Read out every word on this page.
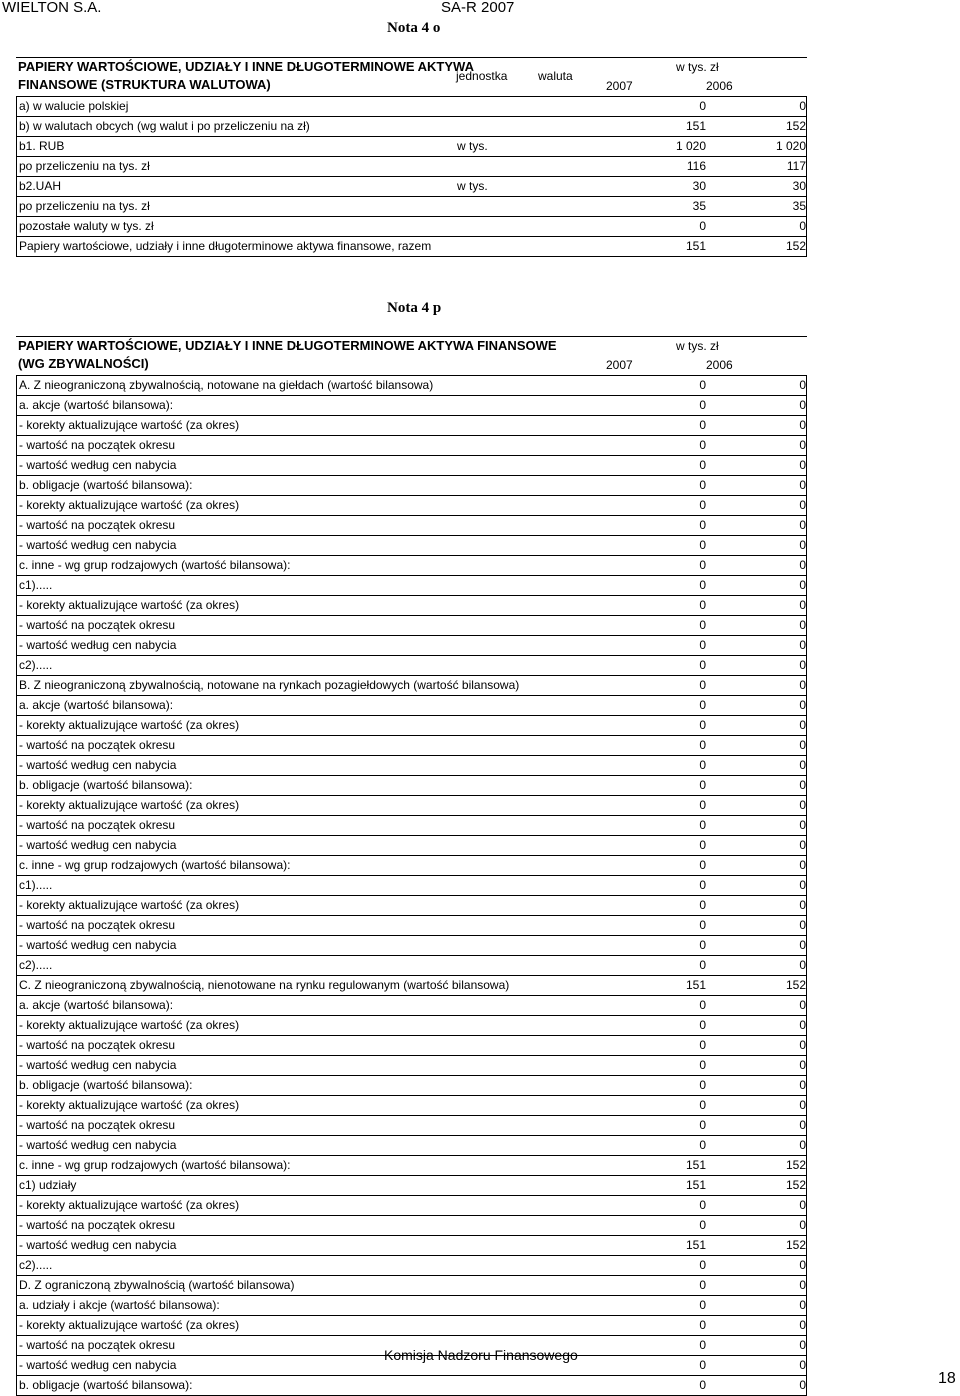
WIELTON S.A.	SA-R 2007
Nota 4 o
PAPIERY WARTOŚCIOWE, UDZIAŁY I INNE DŁUGOTERMINOWE AKTYWA
FINANSOWE (STRUKTURA WALUTOWA)
jednostka	waluta
w tys. zł
2007	2006
a) w walucie polskiej	0	0
b) w walutach obcych (wg walut i po przeliczeniu na zł)	151	152
b1. RUB	w tys.	1 020	1 020
po przeliczeniu na tys. zł	116	117
b2.UAH	w tys.	30	30
po przeliczeniu na tys. zł	35	35
pozostałe waluty w tys. zł	0	0
Papiery wartościowe, udziały i inne długoterminowe aktywa finansowe, razem	151	152
Nota 4 p
PAPIERY WARTOŚCIOWE, UDZIAŁY I INNE DŁUGOTERMINOWE AKTYWA FINANSOWE
(WG ZBYWALNOŚCI)
w tys. zł
2007	2006
A. Z nieograniczoną zbywalnością, notowane na giełdach (wartość bilansowa)	0	0
a. akcje (wartość bilansowa):	0	0
- korekty aktualizujące wartość (za okres)	0	0
- wartość na początek okresu	0	0
- wartość według cen nabycia	0	0
b. obligacje (wartość bilansowa):	0	0
- korekty aktualizujące wartość (za okres)	0	0
- wartość na początek okresu	0	0
- wartość według cen nabycia	0	0
c. inne - wg grup rodzajowych (wartość bilansowa):	0	0
c1).....	0	0
- korekty aktualizujące wartość (za okres)	0	0
- wartość na początek okresu	0	0
- wartość według cen nabycia	0	0
c2).....	0	0
B. Z nieograniczoną zbywalnością, notowane na rynkach pozagiełdowych (wartość bilansowa)	0	0
a. akcje (wartość bilansowa):	0	0
- korekty aktualizujące wartość (za okres)	0	0
- wartość na początek okresu	0	0
- wartość według cen nabycia	0	0
b. obligacje (wartość bilansowa):	0	0
- korekty aktualizujące wartość (za okres)	0	0
- wartość na początek okresu	0	0
- wartość według cen nabycia	0	0
c. inne - wg grup rodzajowych (wartość bilansowa):	0	0
c1).....	0	0
- korekty aktualizujące wartość (za okres)	0	0
- wartość na początek okresu	0	0
- wartość według cen nabycia	0	0
c2).....	0	0
C. Z nieograniczoną zbywalnością, nienotowane na rynku regulowanym (wartość bilansowa)	151	152
a. akcje (wartość bilansowa):	0	0
- korekty aktualizujące wartość (za okres)	0	0
- wartość na początek okresu	0	0
- wartość według cen nabycia	0	0
b. obligacje (wartość bilansowa):	0	0
- korekty aktualizujące wartość (za okres)	0	0
- wartość na początek okresu	0	0
- wartość według cen nabycia	0	0
c. inne - wg grup rodzajowych (wartość bilansowa):	151	152
c1) udziały	151	152
- korekty aktualizujące wartość (za okres)	0	0
- wartość na początek okresu	0	0
- wartość według cen nabycia	151	152
c2).....	0	0
D. Z ograniczoną zbywalnością (wartość bilansowa)	0	0
a. udziały i akcje (wartość bilansowa):	0	0
- korekty aktualizujące wartość (za okres)	0	0
- wartość na początek okresu	0	0
- wartość według cen nabycia	0	0
b. obligacje (wartość bilansowa):	0	0
Komisja Nadzoru Finansowego
18
